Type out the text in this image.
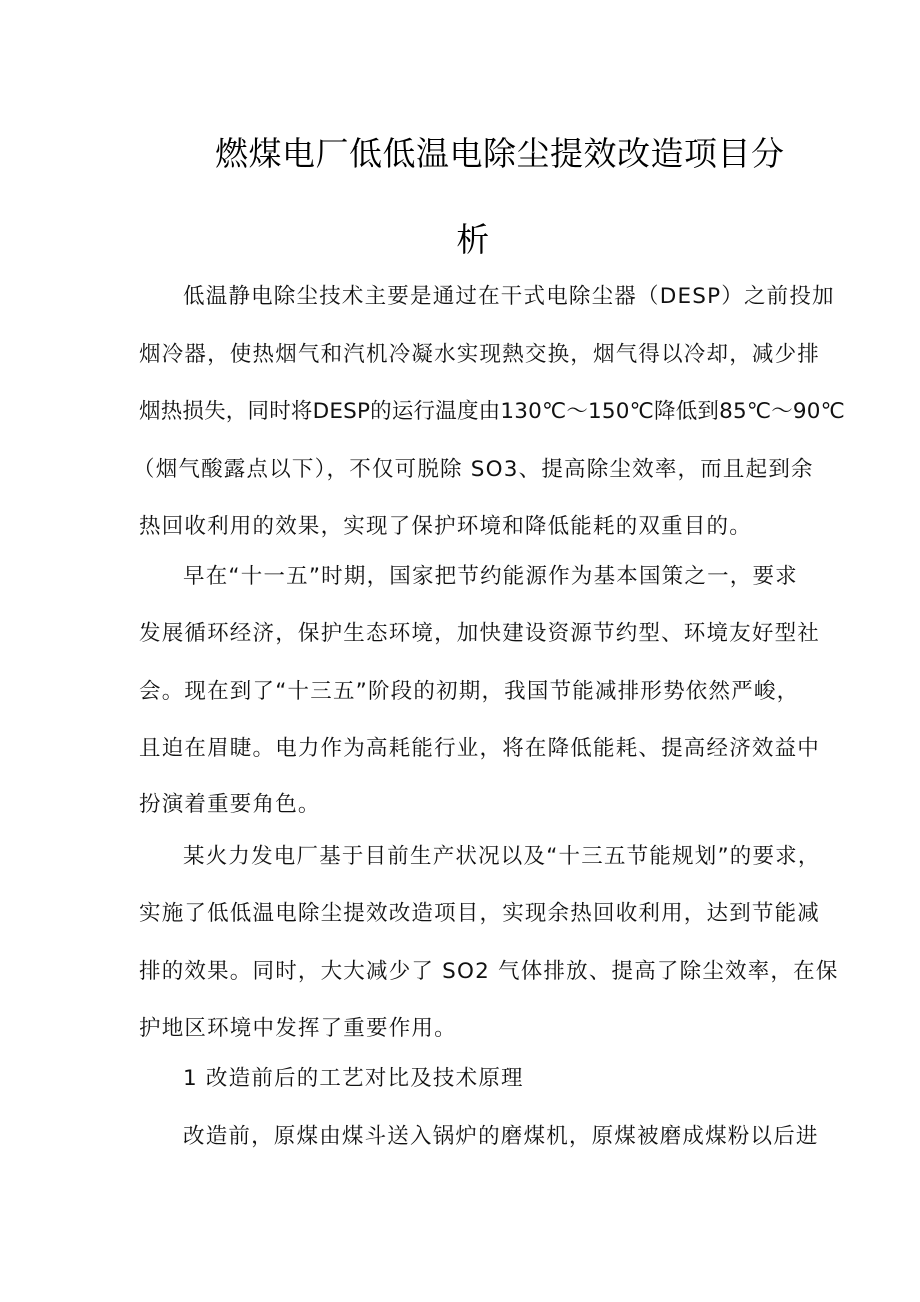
燃煤电厂低低温电除尘提效改造项目分
析
低温静电除尘技术主要是通过在干式电除尘器（DESP）之前投加
烟冷器，使热烟气和汽机冷凝水实现熱交换，烟气得以冷却，减少排
烟热损失，同时将DESP的运行温度由130℃～150℃降低到85℃～90℃
（烟气酸露点以下），不仅可脱除 SO3、提高除尘效率，而且起到余
热回收利用的效果，实现了保护环境和降低能耗的双重目的。
早在“十一五”时期，国家把节约能源作为基本国策之一，要求
发展循环经济，保护生态环境，加快建设资源节约型、环境友好型社
会。现在到了“十三五”阶段的初期，我国节能减排形势依然严峻，
且迫在眉睫。电力作为高耗能行业，将在降低能耗、提高经济效益中
扮演着重要角色。
某火力发电厂基于目前生产状况以及“十三五节能规划”的要求，
实施了低低温电除尘提效改造项目，实现余热回收利用，达到节能减
排的效果。同时，大大减少了 SO2 气体排放、提高了除尘效率，在保
护地区环境中发挥了重要作用。
1 改造前后的工艺对比及技术原理
改造前，原煤由煤斗送入锅炉的磨煤机，原煤被磨成煤粉以后进
